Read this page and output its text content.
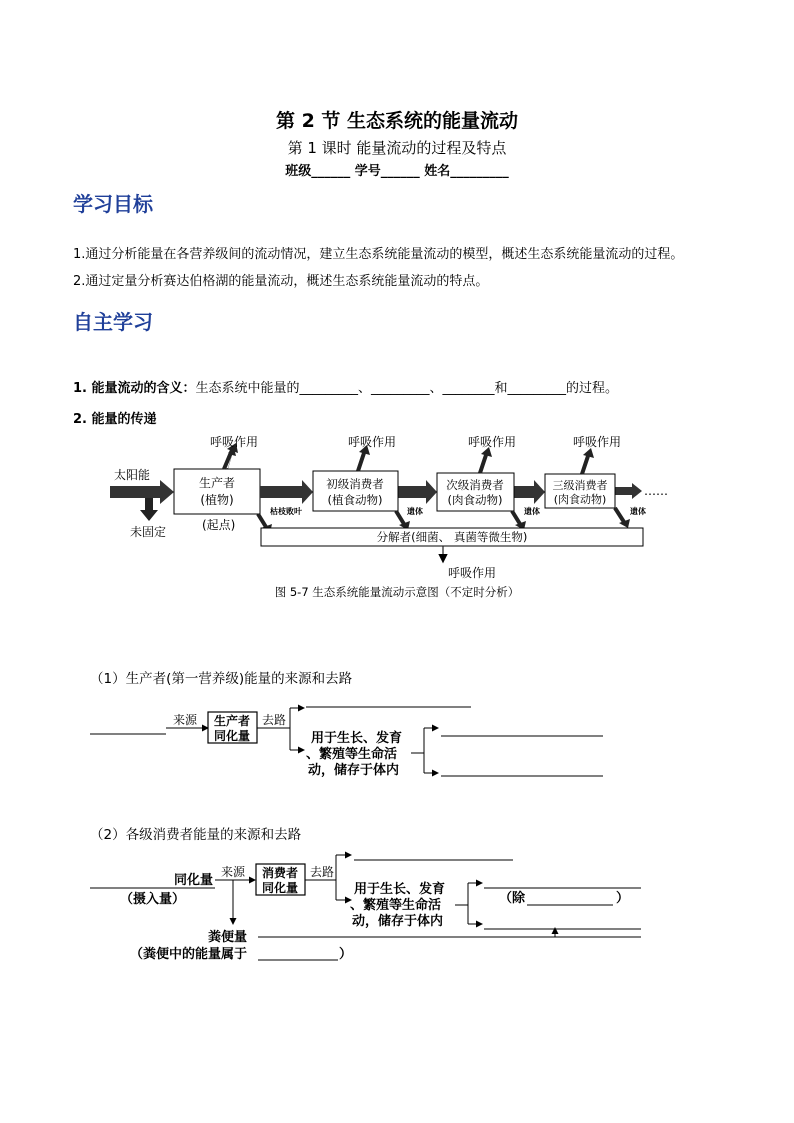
第 2 节 生态系统的能量流动
第 1 课时 能量流动的过程及特点
班级______ 学号______ 姓名_________
学习目标
1.通过分析能量在各营养级间的流动情况，建立生态系统能量流动的模型，概述生态系统能量流动的过程。
2.通过定量分析赛达伯格湖的能量流动，概述生态系统能量流动的特点。
自主学习
1. 能量流动的含义：生态系统中能量的_________、_________、________和_________的过程。
2. 能量的传递
太阳能
未固定
生产者
(植物)
(起点)
……
初级消费者
(植食动物)
次级消费者
(肉食动物)
三级消费者
(肉食动物)
呼吸作用	呼吸作用	呼吸作用	呼吸作用
枯枝败叶	遗体	遗体	遗体
分解者(细菌、 真菌等微生物)
呼吸作用
图 5-7 生态系统能量流动示意图（不定时分析）
（1）生产者(第一营养级)能量的来源和去路
来源 生产者
同化量
去路
用于生长、发育
、繁殖等生命活
动，储存于体内
（2）各级消费者能量的来源和去路
同化量
（摄入量）
来源 消费者
同化量
去路
用于生长、发育
、繁殖等生命活
动，储存于体内
（除	）
粪便量
（粪便中的能量属于	）
